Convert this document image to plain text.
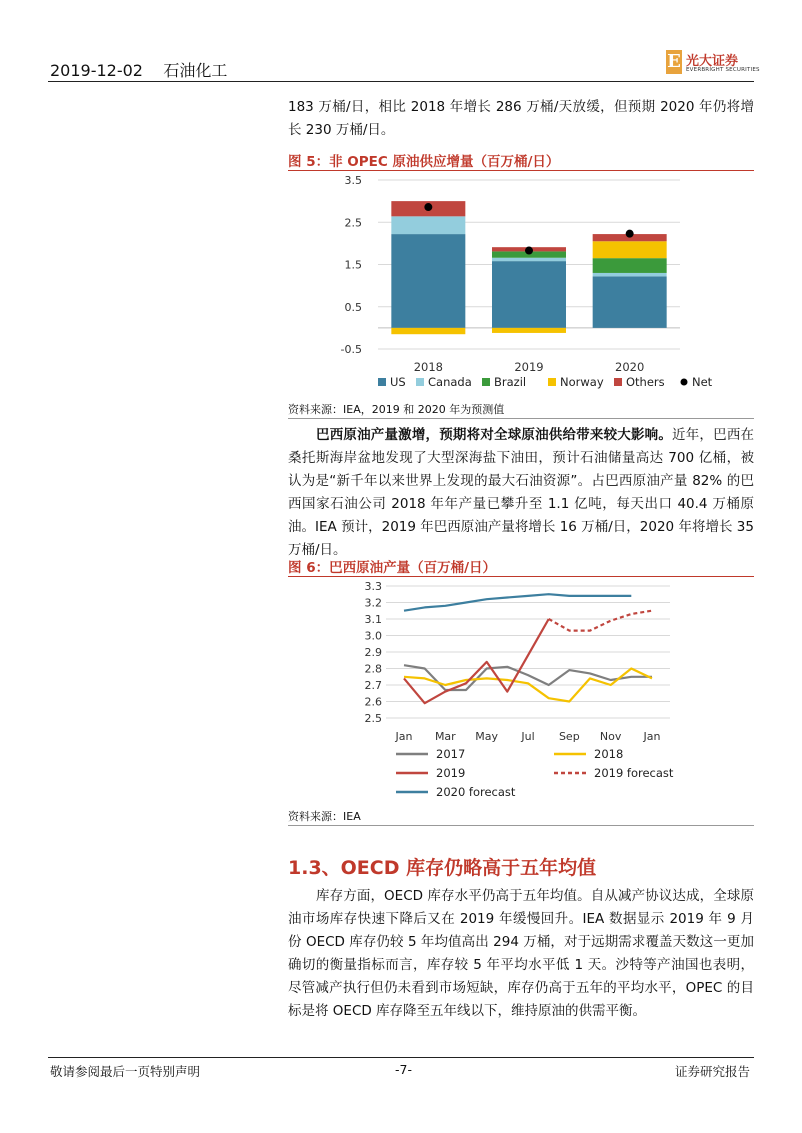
2019-12-02 石油化工	E 光大证券
EVERBRIGHT SECURITIES
183 万桶/日，相比 2018 年增长 286 万桶/天放缓，但预期 2020 年仍将增长 230 万桶/日。
图 5：非 OPEC 原油供应增量（百万桶/日）
3.5
2.5
1.5
0.5
-0.5
2018	2019	2020
US Canada Brazil	Norway Others Net
资料来源：IEA，2019 和 2020 年为预测值
巴西原油产量激增，预期将对全球原油供给带来较大影响。近年，巴西在桑托斯海岸盆地发现了大型深海盐下油田，预计石油储量高达 700 亿桶，被认为是“新千年以来世界上发现的最大石油资源”。占巴西原油产量 82% 的巴西国家石油公司 2018 年年产量已攀升至 1.1 亿吨，每天出口 40.4 万桶原油。IEA 预计，2019 年巴西原油产量将增长 16 万桶/日，2020 年将增长 35 万桶/日。
图 6：巴西原油产量（百万桶/日）
3.3
3.2
3.1
3.0
2.9
2.8
2.7
2.6
2.5
Jan Mar May Jul Sep Nov Jan
2017	2018
2019	2019 forecast
2020 forecast
资料来源：IEA
1.3、OECD 库存仍略高于五年均值
库存方面，OECD 库存水平仍高于五年均值。自从减产协议达成，全球原油市场库存快速下降后又在 2019 年缓慢回升。IEA 数据显示 2019 年 9 月份 OECD 库存仍较 5 年均值高出 294 万桶，对于远期需求覆盖天数这一更加确切的衡量指标而言，库存较 5 年平均水平低 1 天。沙特等产油国也表明，尽管减产执行但仍未看到市场短缺，库存仍高于五年的平均水平，OPEC 的目标是将 OECD 库存降至五年线以下，维持原油的供需平衡。
敬请参阅最后一页特别声明	-7-	证券研究报告
